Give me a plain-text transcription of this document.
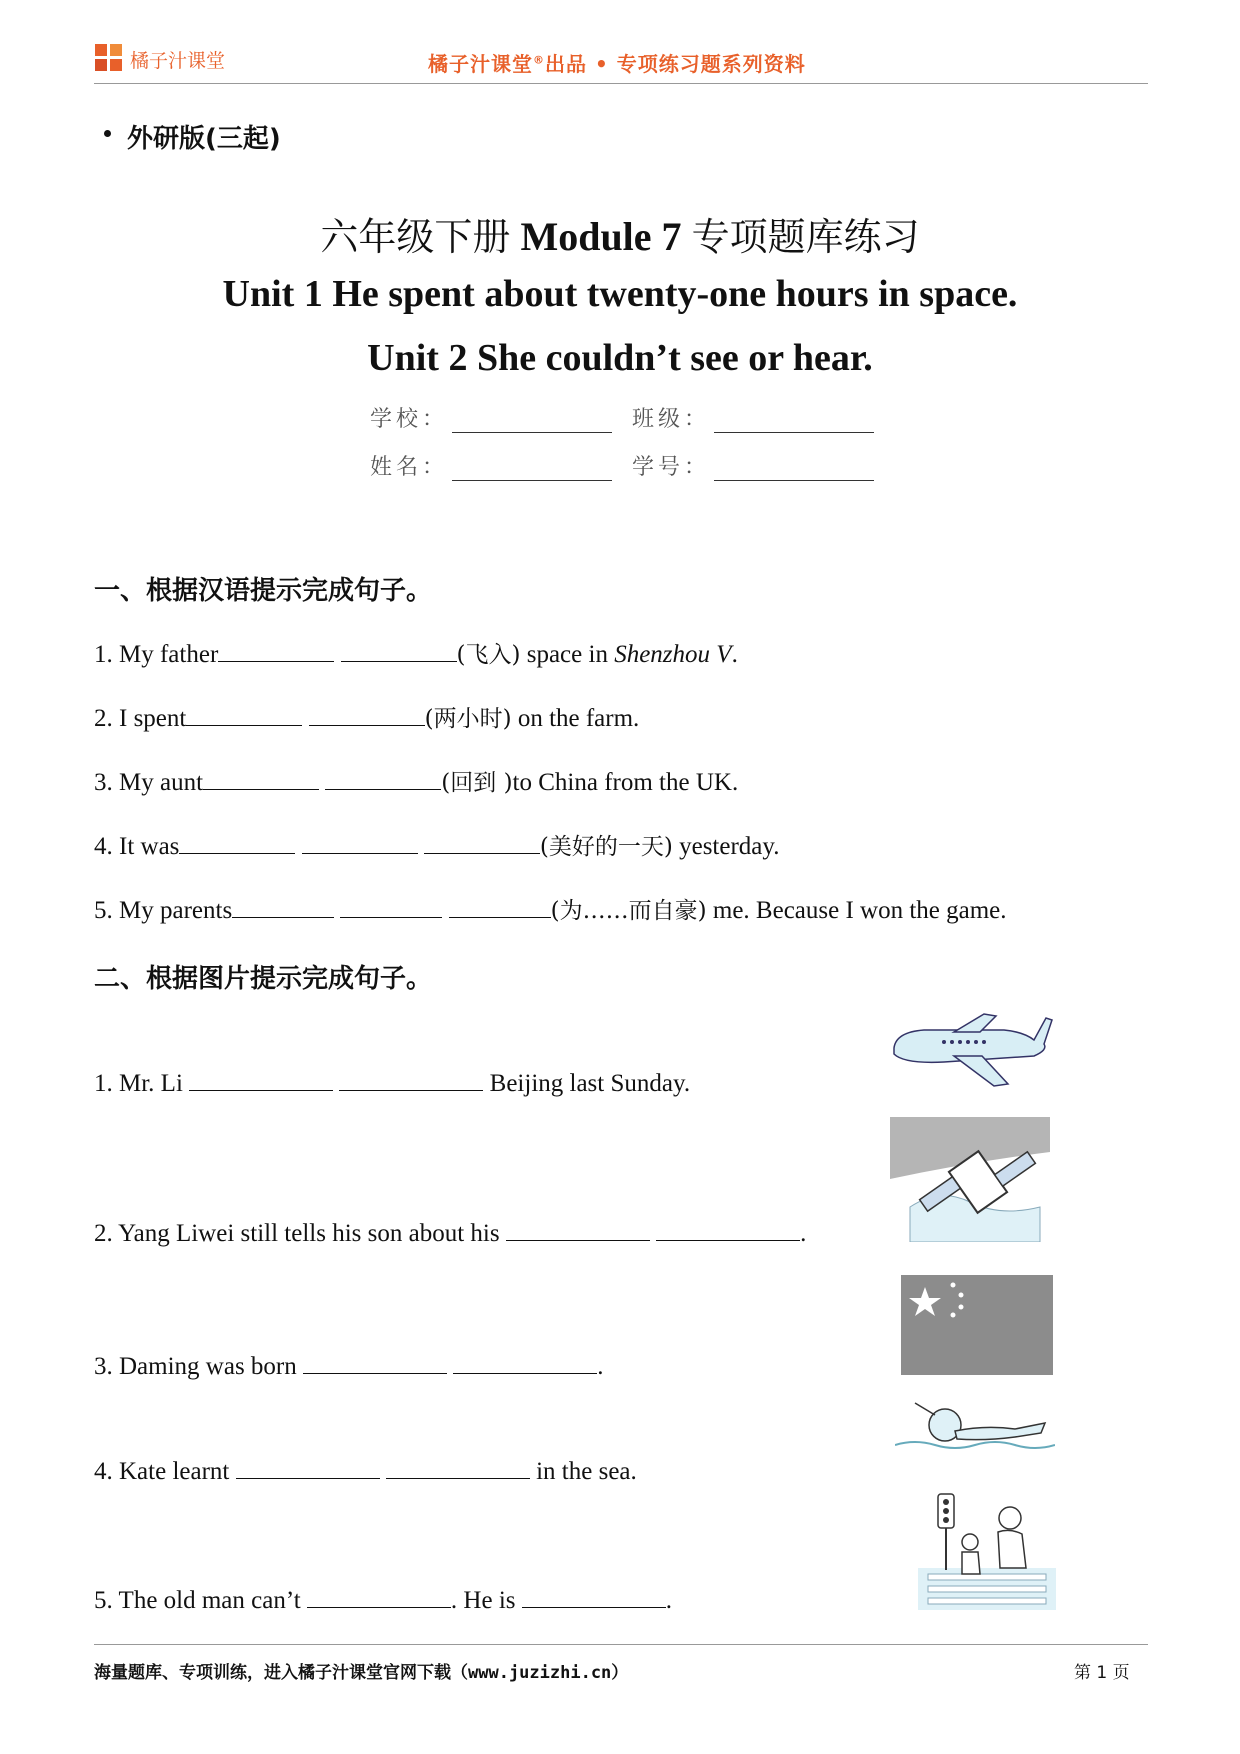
橘子汁课堂	橘子汁课堂®出品 • 专项练习题系列资料
外研版(三起)
六年级下册 Module 7 专项题库练习
Unit 1 He spent about twenty-one hours in space.
Unit 2 She couldn’t see or hear.
学校：	班级：
姓名：	学号：
一、根据汉语提示完成句子。
1. My father	(飞入) space in Shenzhou V.
2. I spent	(两小时) on the farm.
3. My aunt	(回到 )to China from the UK.
4. It was	(美好的一天) yesterday.
5. My parents	(为……而自豪) me. Because I won the game.
二、根据图片提示完成句子。
1. Mr. Li	Beijing last Sunday.
2. Yang Liwei still tells his son about his	.
3. Daming was born	.
4. Kate learnt	in the sea.
5. The old man can’t	. He is	.
海量题库、专项训练，进入橘子汁课堂官网下载（www.juzizhi.cn）	第 1 页
